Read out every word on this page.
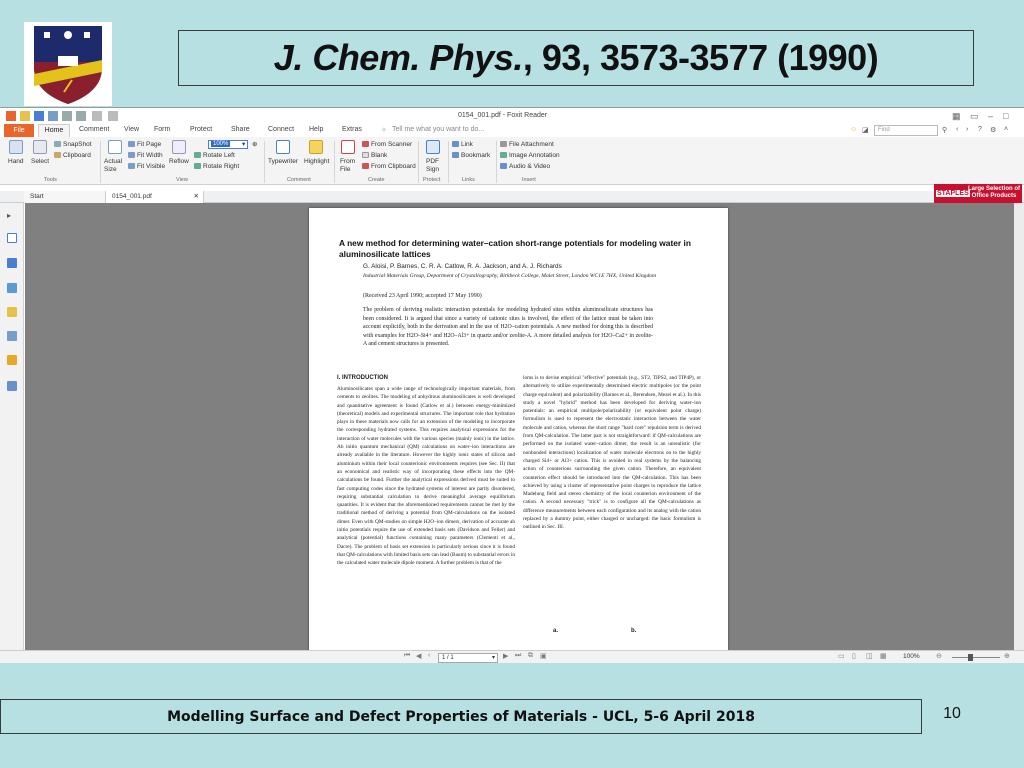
J. Chem. Phys. , 93, 3573-3577 (1990)
0154_001.pdf - Foxit Reader	▦ ▭ – □
File	Home	Comment View Form	Protect	Share	Connect Help	Extras	✧ Tell me what you want to do...	☺ ◪	Find	⚲ ‹ › ? ⚙ ˄
Hand Select
SnapShot
Clipboard
Tools
Actual Size
Fit Page
Fit Width
Fit Visible
Reflow
100%	▾ ⊕
Rotate Left
Rotate Right
View
Typewriter Highlight
Comment
From File
From Scanner
Blank
From Clipboard
Create
PDF Sign
Protect
Link
Bookmark
Links
File Attachment
Image Annotation
Audio & Video
Insert
Start	0154_001.pdf	✕	STAPLES
Large Selection of Office Products
▸
A new method for determining water–cation short-range potentials for modeling water in aluminosilicate lattices
G. Aloisi, P. Barnes, C. R. A. Catlow, R. A. Jackson, and A. J. Richards
Industrial Materials Group, Department of Crystallography, Birkbeck College, Malet Street, London WC1E 7HX, United Kingdom
(Received 23 April 1990; accepted 17 May 1990)
The problem of deriving realistic interaction potentials for modeling hydrated sites within aluminosilicate structures has been considered. It is argued that since a variety of cationic sites is involved, the effect of the lattice must be taken into account explicitly, both in the derivation and in the use of H2O–cation potentials. A new method for doing this is described with examples for H2O–Si4+ and H2O–Al3+ in quartz and/or zeolite-A. A more detailed analysis for H2O–Ca2+ in zeolite-A and cement structures is presented.
I. INTRODUCTION
Aluminosilicates span a wide range of technologically important materials, from cements to zeolites. The modeling of anhydrous aluminosilicates is well developed and quantitative agreement is found (Catlow et al.) between energy-minimized (theoretical) models and experimental structures. The important role that hydration plays in these materials now calls for an extension of the modeling to incorporate the corresponding hydrated systems. This requires analytical expressions for the interaction of water molecules with the various species (mainly ionic) in the lattice. Ab initio quantum mechanical (QM) calculations on water–ion interactions are already available in the literature. However the highly ionic states of silicon and aluminium within their local counterionic environments requires (see Sec. II) that an economical and realistic way of incorporating these effects into the QM-calculations be found. Further the analytical expressions derived must be suited to fast computing codes since the hydrated systems of interest are partly disordered, requiring substantial calculation to derive meaningful average equilibrium quantities. It is evident that the aforementioned requirements cannot be met by the traditional method of deriving a potential from QM-calculations on the isolated dimer. Even with QM-studies on simple H2O–ion dimers, derivation of accurate ab initio potentials require the use of extended basis sets (Davidson and Feller) and analytical (potential) functions containing many parameters (Clementi et al., Dacre). The problem of basis set extension is particularly serious since it is found that QM-calculations with limited basis sets can lead (Baum) to substantial errors in the calculated water molecule dipole moment. A further problem is that of the
loms is to devise empirical "effective" potentials (e.g., ST2, TIPS2, and TIP4P), or alternatively to utilize experimentally determined electric multipoles (or the point charge equivalent) and polarizability (Barnes et al., Berendsen, Mezei et al.). In this study a novel "hybrid" method has been developed for deriving water–ion potentials: an empirical multipole/polarizability (or equivalent point charge) formulism is used to represent the electrostatic interaction between the water molecule and cation, whereas the short range "hard core" repulsion term is derived from QM-calculation. The latter part is not straightforward: if QM-calculations are performed on the isolated water–cation dimer, the result is an unrealistic (for nonbonded interactions) localization of water molecule electrons on to the highly charged Si4+ or Al3+ cation. This is avoided in real systems by the balancing action of counterions surrounding the given cation. Therefore, an equivalent counterion effect should be introduced into the QM-calculation. This has been achieved by using a cluster of representative point charges to reproduce the lattice Madelung field and stereo chemistry of the local counterion environment of the cation. A second necessary "trick" is to configure all the QM-calculations as difference measurements between each configuration and its analog with the cation replaced by a dummy point, either charged or uncharged: the basic formulism is outlined in Sec. III.
a.	b.
⏮ ◀ ‹	1 / 1	▾ ▶ ⏭ ⧉ ▣	▭ ▯ ◫ ▦	100% ⊖	⊕
Modelling Surface and Defect Properties of Materials - UCL, 5-6 April 2018	10
